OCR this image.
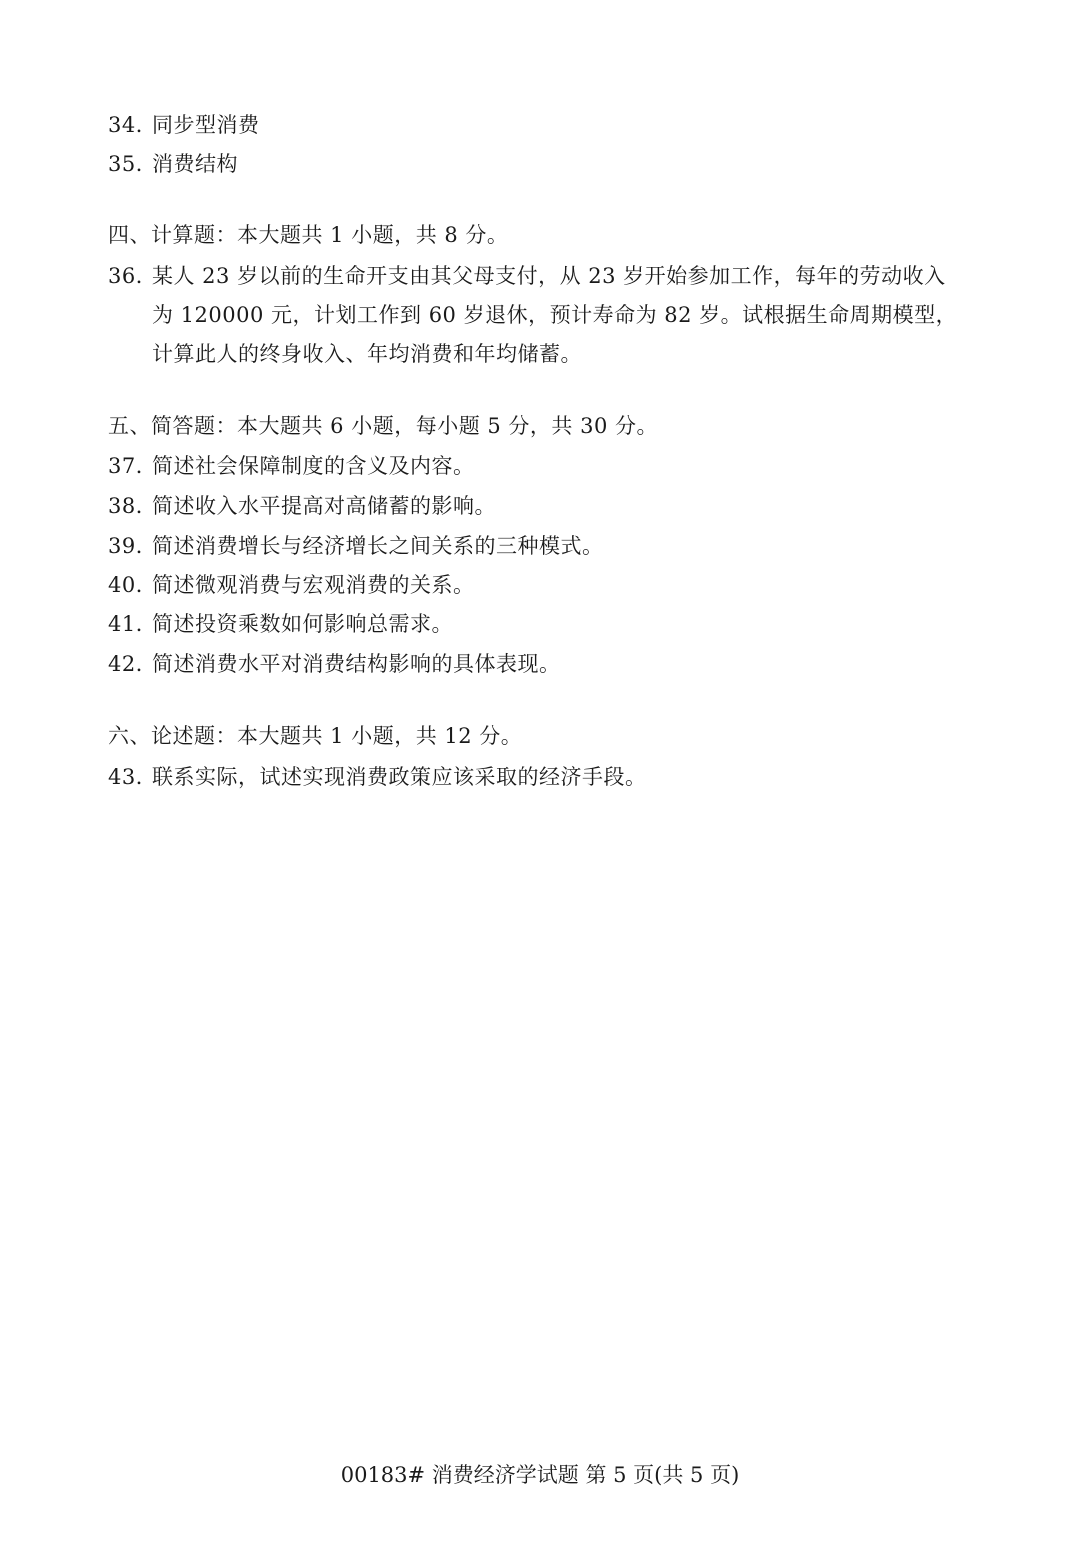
34．同步型消费
35．消费结构
四、计算题：本大题共 1 小题，共 8 分。
36．某人 23 岁以前的生命开支由其父母支付，从 23 岁开始参加工作，每年的劳动收入
为 120000 元，计划工作到 60 岁退休，预计寿命为 82 岁。试根据生命周期模型，
计算此人的终身收入、年均消费和年均储蓄。
五、简答题：本大题共 6 小题，每小题 5 分，共 30 分。
37．简述社会保障制度的含义及内容。
38．简述收入水平提高对高储蓄的影响。
39．简述消费增长与经济增长之间关系的三种模式。
40．简述微观消费与宏观消费的关系。
41．简述投资乘数如何影响总需求。
42．简述消费水平对消费结构影响的具体表现。
六、论述题：本大题共 1 小题，共 12 分。
43．联系实际，试述实现消费政策应该采取的经济手段。
00183# 消费经济学试题 第 5 页(共 5 页)
